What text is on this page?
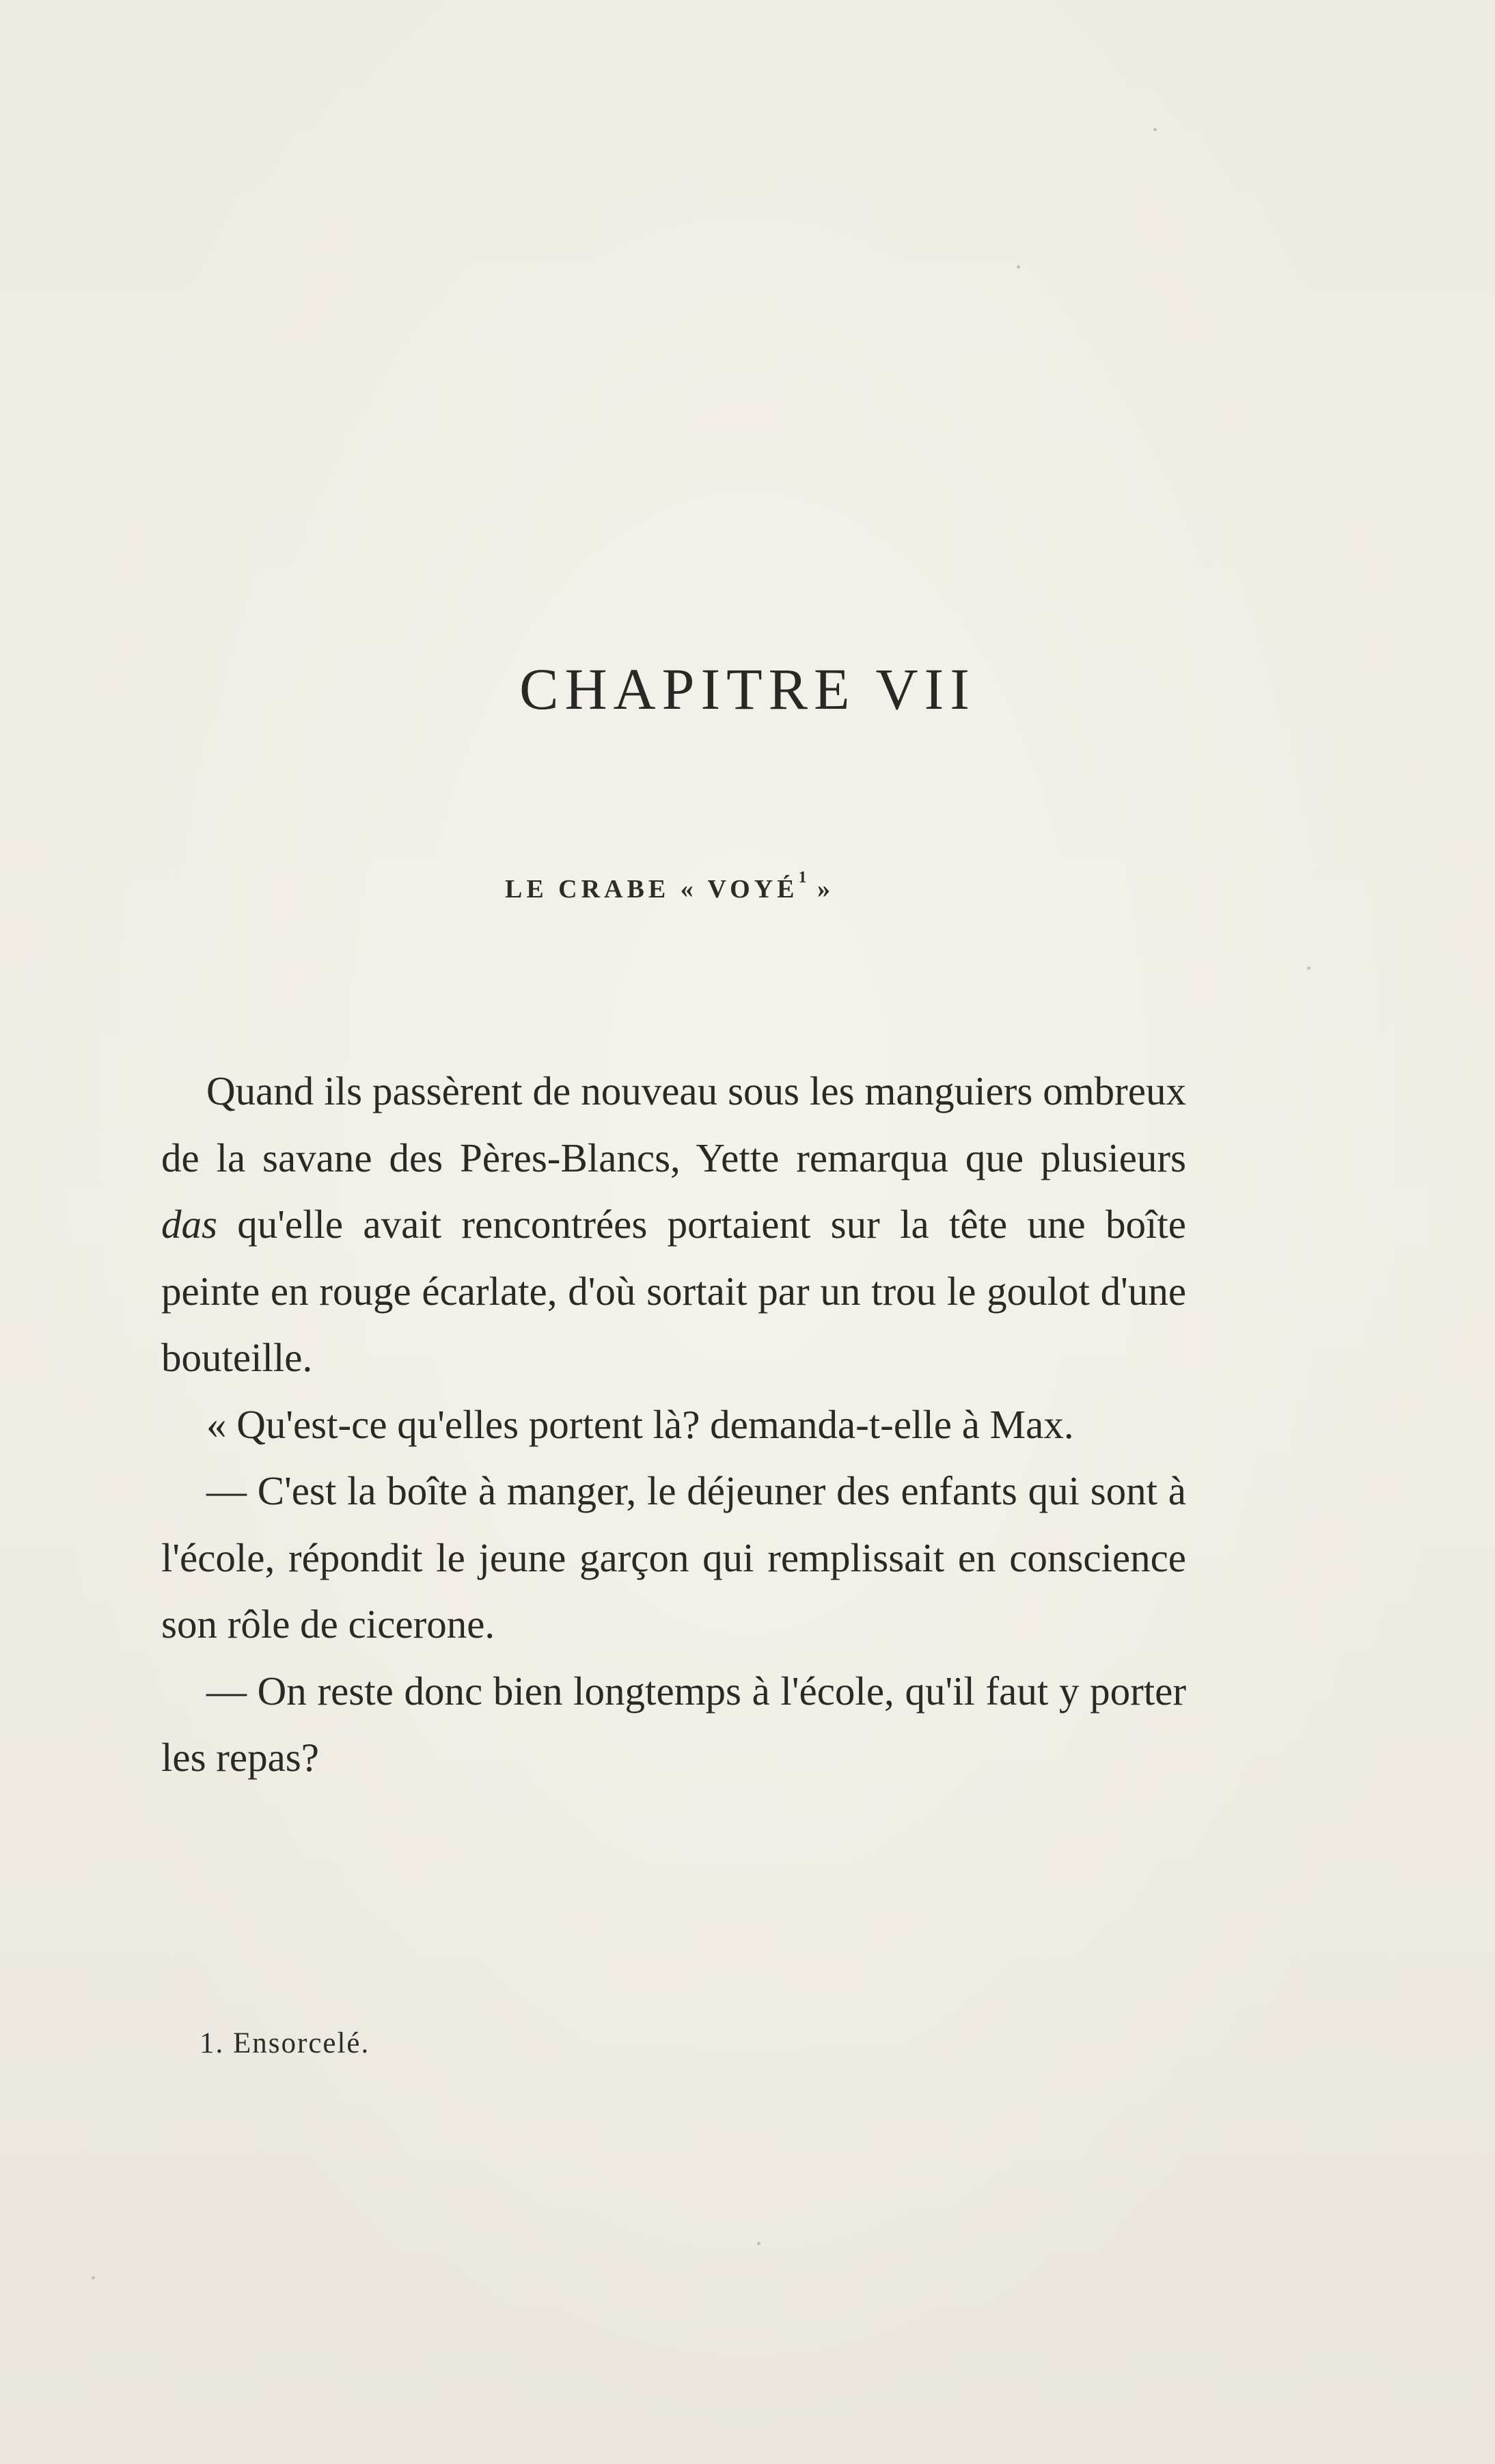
CHAPITRE VII
LE CRABE « VOYÉ$^1$ »

Quand ils passèrent de nouveau sous les manguiers ombreux de la savane des Pères-Blancs, Yette remarqua que plusieurs das qu'elle avait rencontrées portaient sur la tête une boîte peinte en rouge écarlate, d'où sortait par un trou le goulot d'une bouteille.

« Qu'est-ce qu'elles portent là? demanda-t-elle à Max.

— C'est la boîte à manger, le déjeuner des enfants qui sont à l'école, répondit le jeune garçon qui remplissait en conscience son rôle de cicerone.

— On reste donc bien longtemps à l'école, qu'il faut y porter les repas?

1. Ensorcelé.
